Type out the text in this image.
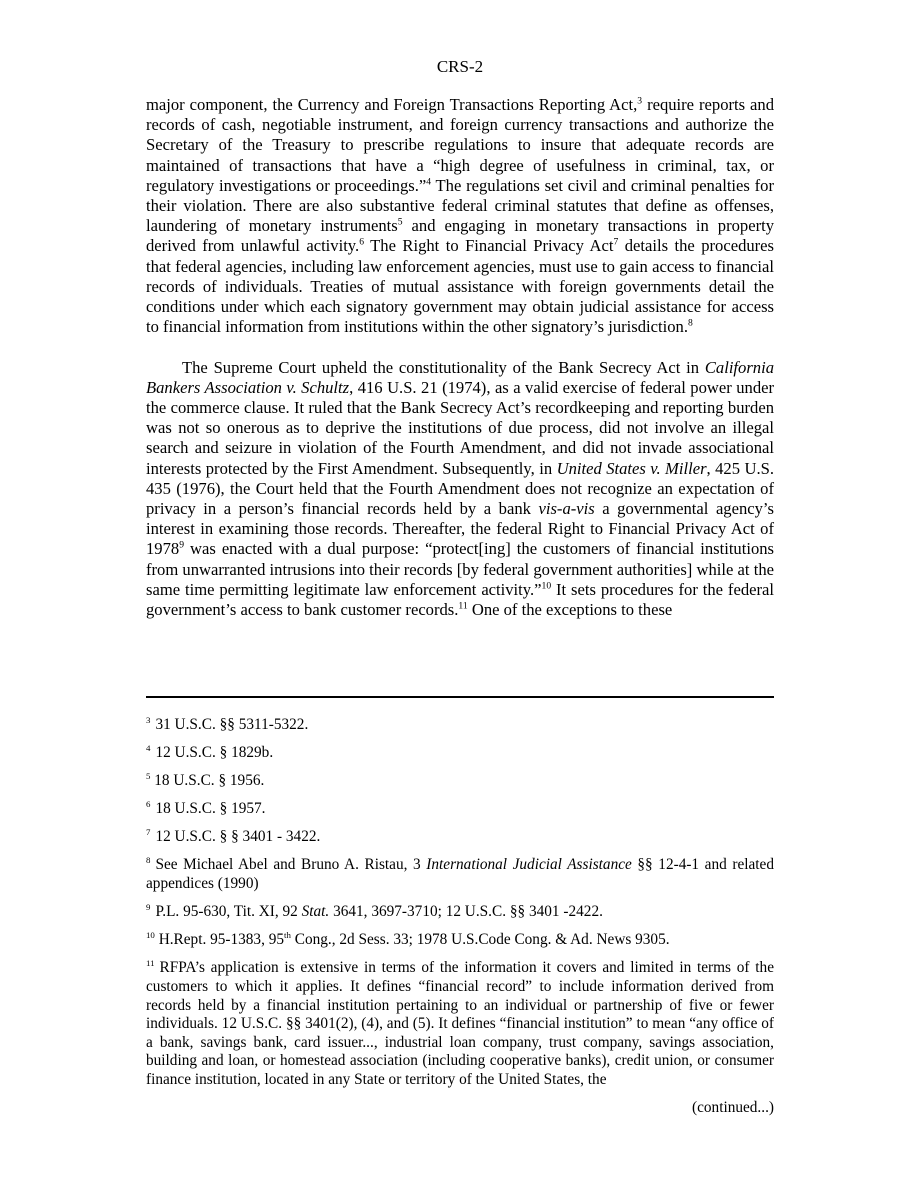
CRS-2

major component, the Currency and Foreign Transactions Reporting Act,$^3$ require reports and records of cash, negotiable instrument, and foreign currency transactions and authorize the Secretary of the Treasury to prescribe regulations to insure that adequate records are maintained of transactions that have a “high degree of usefulness in criminal, tax, or regulatory investigations or proceedings.”$^4$ The regulations set civil and criminal penalties for their violation. There are also substantive federal criminal statutes that define as offenses, laundering of monetary instruments$^5$ and engaging in monetary transactions in property derived from unlawful activity.$^6$ The Right to Financial Privacy Act$^7$ details the procedures that federal agencies, including law enforcement agencies, must use to gain access to financial records of individuals. Treaties of mutual assistance with foreign governments detail the conditions under which each signatory government may obtain judicial assistance for access to financial information from institutions within the other signatory’s jurisdiction.$^8$

The Supreme Court upheld the constitutionality of the Bank Secrecy Act in California Bankers Association v. Schultz, 416 U.S. 21 (1974), as a valid exercise of federal power under the commerce clause. It ruled that the Bank Secrecy Act’s recordkeeping and reporting burden was not so onerous as to deprive the institutions of due process, did not involve an illegal search and seizure in violation of the Fourth Amendment, and did not invade associational interests protected by the First Amendment. Subsequently, in United States v. Miller, 425 U.S. 435 (1976), the Court held that the Fourth Amendment does not recognize an expectation of privacy in a person’s financial records held by a bank vis-a-vis a governmental agency’s interest in examining those records. Thereafter, the federal Right to Financial Privacy Act of 1978$^9$ was enacted with a dual purpose: “protect[ing] the customers of financial institutions from unwarranted intrusions into their records [by federal government authorities] while at the same time permitting legitimate law enforcement activity.”$^{10}$ It sets procedures for the federal government’s access to bank customer records.$^{11}$ One of the exceptions to these

$^3$ 31 U.S.C. §§ 5311-5322.

$^4$ 12 U.S.C. § 1829b.

$^5$ 18 U.S.C. § 1956.

$^6$ 18 U.S.C. § 1957.

$^7$ 12 U.S.C. § § 3401 - 3422.

$^8$ See Michael Abel and Bruno A. Ristau, 3 International Judicial Assistance §§ 12-4-1 and related appendices (1990)

$^9$ P.L. 95-630, Tit. XI, 92 Stat. 3641, 3697-3710; 12 U.S.C. §§ 3401 -2422.

$^{10}$ H.Rept. 95-1383, 95th Cong., 2d Sess. 33; 1978 U.S.Code Cong. & Ad. News 9305.

$^{11}$ RFPA’s application is extensive in terms of the information it covers and limited in terms of the customers to which it applies. It defines “financial record” to include information derived from records held by a financial institution pertaining to an individual or partnership of five or fewer individuals. 12 U.S.C. §§ 3401(2), (4), and (5). It defines “financial institution” to mean “any office of a bank, savings bank, card issuer..., industrial loan company, trust company, savings association, building and loan, or homestead association (including cooperative banks), credit union, or consumer finance institution, located in any State or territory of the United States, the

(continued...)
